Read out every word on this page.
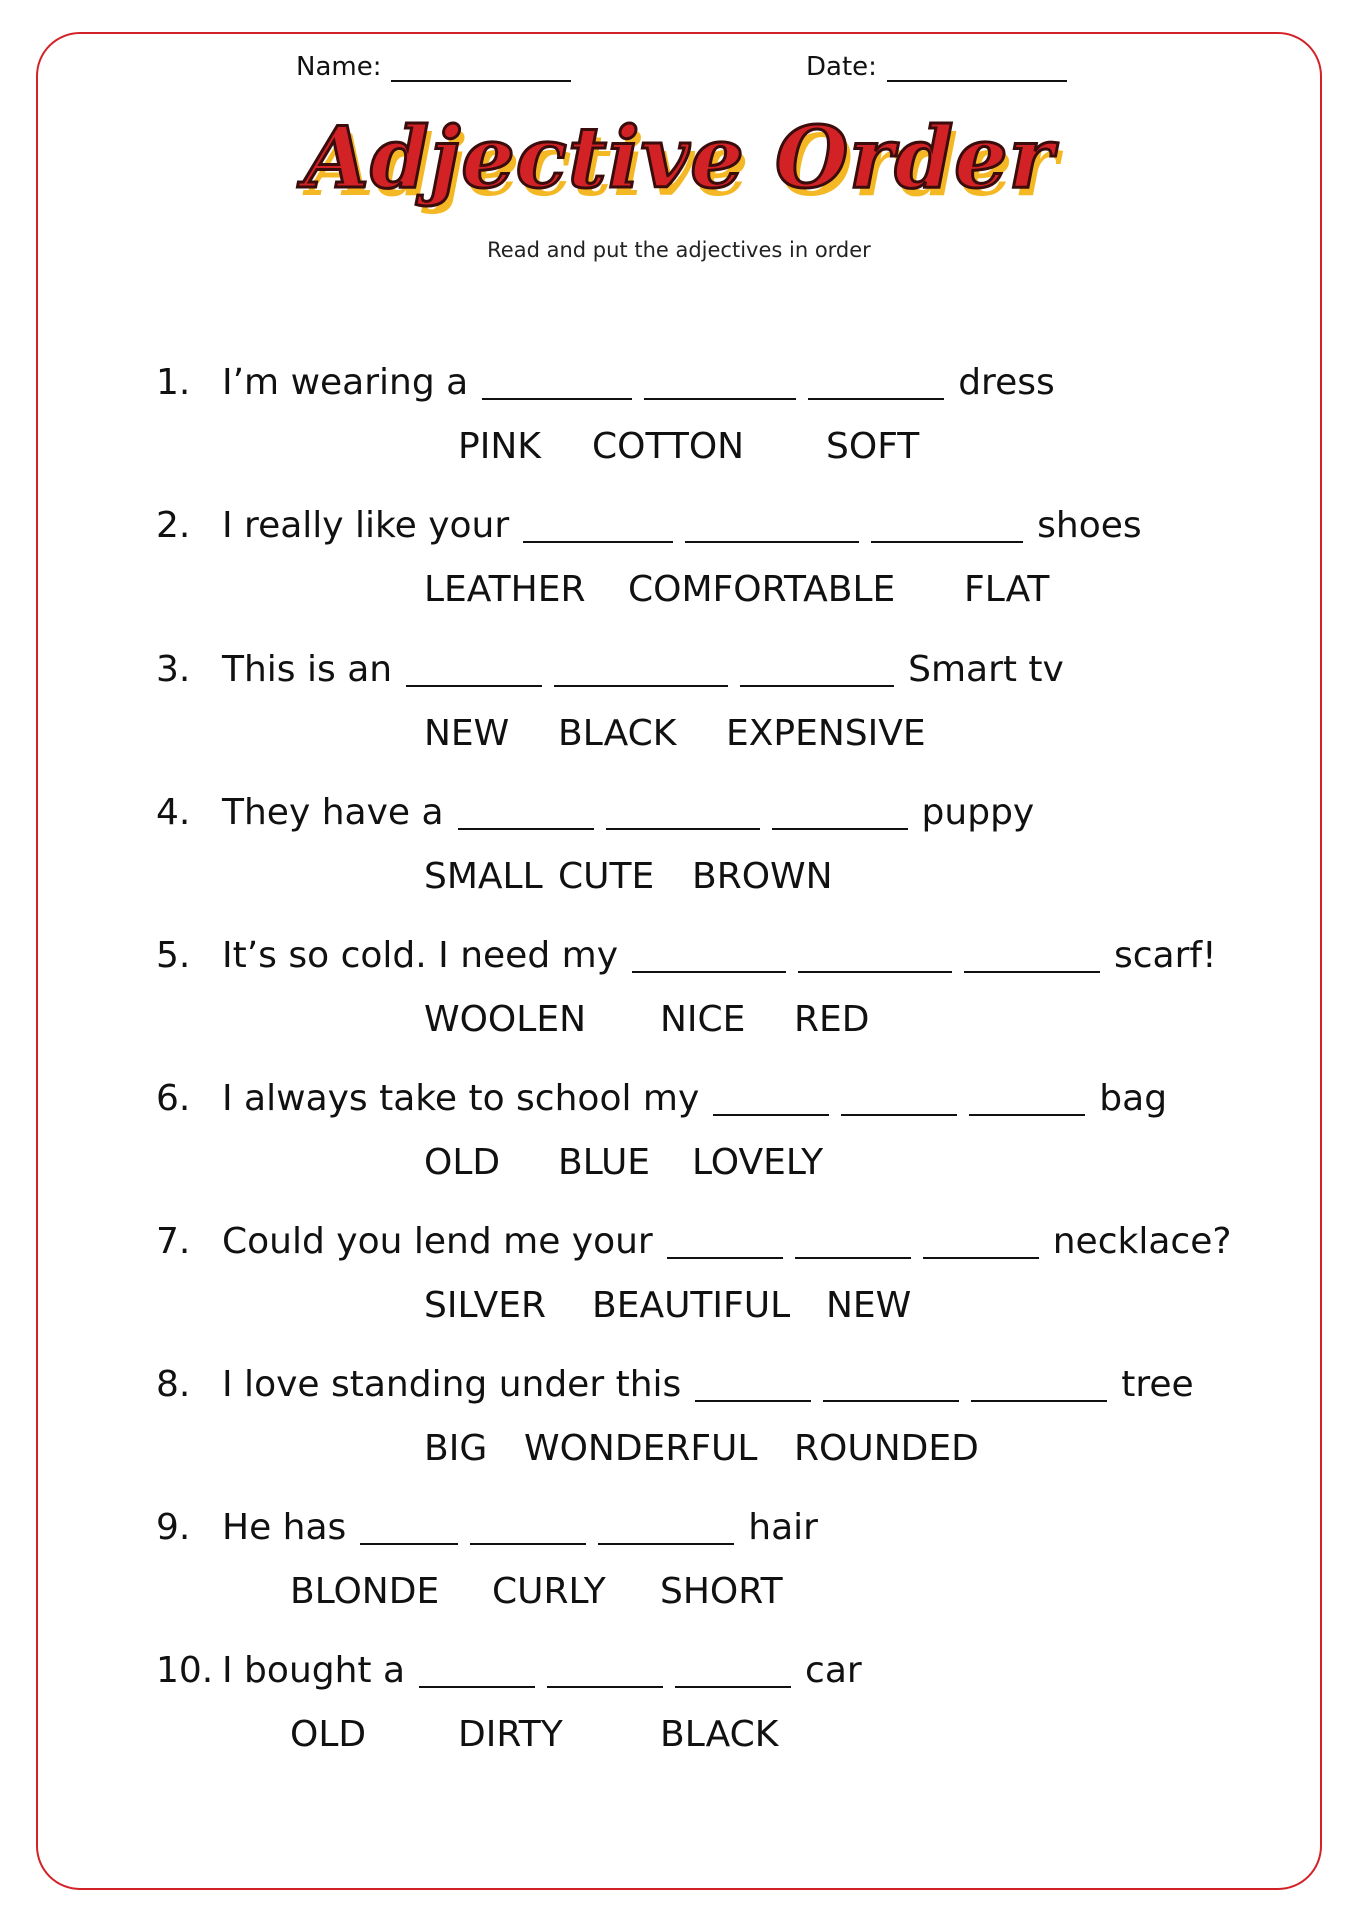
Name:	Date:
Adjective Order
Read and put the adjectives in order
1. I’m wearing a	dress
PINK COTTON SOFT
2. I really like your	shoes
LEATHER COMFORTABLE FLAT
3. This is an	Smart tv
NEW BLACK EXPENSIVE
4. They have a	puppy
SMALL CUTE BROWN
5. It’s so cold. I need my	scarf!
WOOLEN NICE RED
6. I always take to school my	bag
OLD BLUE LOVELY
7. Could you lend me your	necklace?
SILVER BEAUTIFUL NEW
8. I love standing under this	tree
BIG WONDERFUL ROUNDED
9. He has	hair
BLONDE CURLY SHORT
10. I bought a	car
OLD	DIRTY	BLACK
